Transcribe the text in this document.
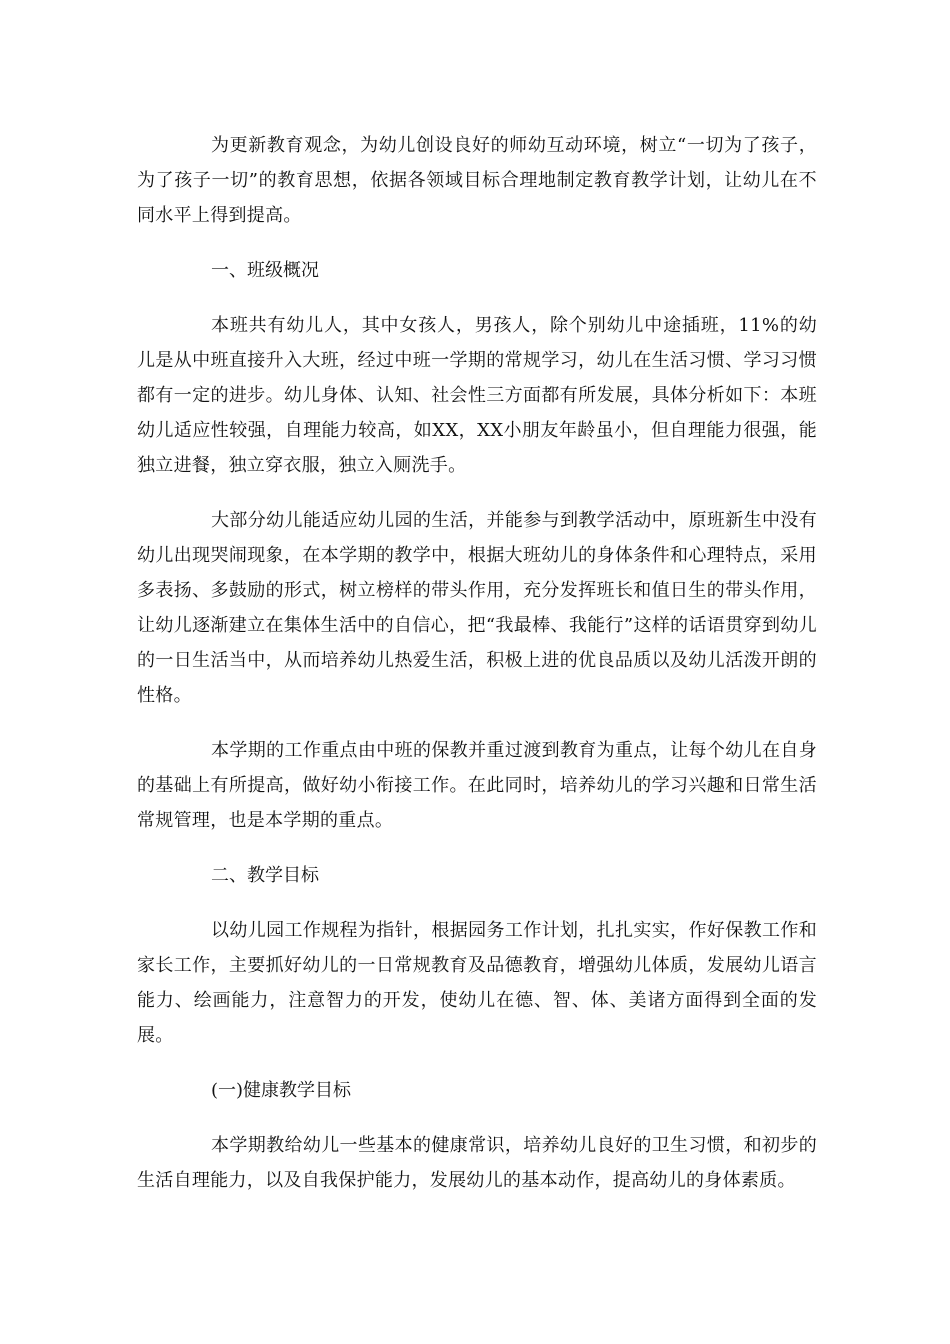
为更新教育观念，为幼儿创设良好的师幼互动环境，树立“一切为了孩子，为了孩子一切”的教育思想，依据各领域目标合理地制定教育教学计划，让幼儿在不同水平上得到提高。

一、班级概况

本班共有幼儿人，其中女孩人，男孩人，除个别幼儿中途插班，11%的幼儿是从中班直接升入大班，经过中班一学期的常规学习，幼儿在生活习惯、学习习惯都有一定的进步。幼儿身体、认知、社会性三方面都有所发展，具体分析如下：本班幼儿适应性较强，自理能力较高，如XX，XX小朋友年龄虽小，但自理能力很强，能独立进餐，独立穿衣服，独立入厕洗手。

大部分幼儿能适应幼儿园的生活，并能参与到教学活动中，原班新生中没有幼儿出现哭闹现象，在本学期的教学中，根据大班幼儿的身体条件和心理特点，采用多表扬、多鼓励的形式，树立榜样的带头作用，充分发挥班长和值日生的带头作用，让幼儿逐渐建立在集体生活中的自信心，把“我最棒、我能行”这样的话语贯穿到幼儿的一日生活当中，从而培养幼儿热爱生活，积极上进的优良品质以及幼儿活泼开朗的性格。

本学期的工作重点由中班的保教并重过渡到教育为重点，让每个幼儿在自身的基础上有所提高，做好幼小衔接工作。在此同时，培养幼儿的学习兴趣和日常生活常规管理，也是本学期的重点。

二、教学目标

以幼儿园工作规程为指针，根据园务工作计划，扎扎实实，作好保教工作和家长工作，主要抓好幼儿的一日常规教育及品德教育，增强幼儿体质，发展幼儿语言能力、绘画能力，注意智力的开发，使幼儿在德、智、体、美诸方面得到全面的发展。

(一)健康教学目标

本学期教给幼儿一些基本的健康常识，培养幼儿良好的卫生习惯，和初步的生活自理能力，以及自我保护能力，发展幼儿的基本动作，提高幼儿的身体素质。
